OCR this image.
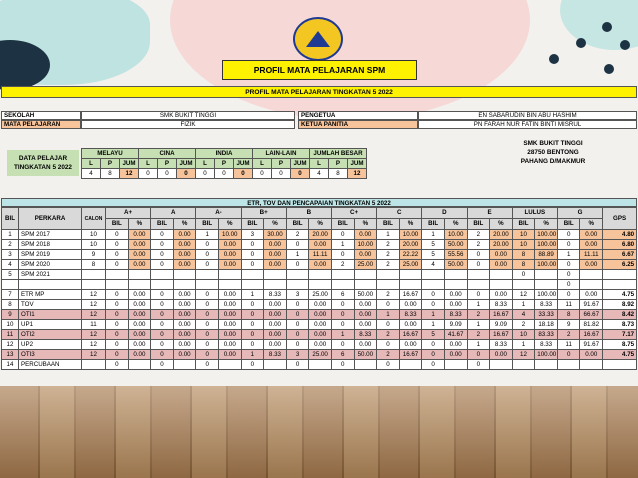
PROFIL MATA PELAJARAN SPM
PROFIL MATA PELAJARAN TINGKATAN 5 2022
SEKOLAH	SMK BUKIT TINGGI
MATA PELAJARAN	FIZIK
PENGETUA	EN SABARUDIN BIN ABU HASHIM
KETUA PANITIA	PN FARAH NUR FATIN BINTI MISRUL
DATA PELAJAR TINGKATAN 5 2022
MELAYU			CINA			INDIA			LAIN-LAIN			JUMLAH BESAR		
L	P	JUM	L	P	JUM	L	P	JUM	L	P	JUM	L	P	JUM
4	8	12	0	0	0	0	0	0	0	0	0	4	8	12
SMK BUKIT TINGGI
28750 BENTONG
PAHANG D/MAKMUR
ETR, TOV DAN PENCAPAIAN TINGKATAN 5 2022
BIL	PERKARA	CALON	A+		A		A-		B+		B		C+		C		D		E		LULUS		G		GPS
			BIL	%	BIL	%	BIL	%	BIL	%	BIL	%	BIL	%	BIL	%	BIL	%	BIL	%	BIL	%	BIL	%	
1	SPM 2017	10	0	0.00	0	0.00	1	10.00	3	30.00	2	20.00	0	0.00	1	10.00	1	10.00	2	20.00	10	100.00	0	0.00	4.80
2	SPM 2018	10	0	0.00	0	0.00	0	0.00	0	0.00	0	0.00	1	10.00	2	20.00	5	50.00	2	20.00	10	100.00	0	0.00	6.80
3	SPM 2019	9	0	0.00	0	0.00	0	0.00	0	0.00	1	11.11	0	0.00	2	22.22	5	55.56	0	0.00	8	88.89	1	11.11	6.67
4	SPM 2020	8	0	0.00	0	0.00	0	0.00	0	0.00	0	0.00	2	25.00	2	25.00	4	50.00	0	0.00	8	100.00	0	0.00	6.25
5	SPM 2021																				0		0		
																							0		
7	ETR MP	12	0	0.00	0	0.00	0	0.00	1	8.33	3	25.00	6	50.00	2	16.67	0	0.00	0	0.00	12	100.00	0	0.00	4.75
8	TOV	12	0	0.00	0	0.00	0	0.00	0	0.00	0	0.00	0	0.00	0	0.00	0	0.00	1	8.33	1	8.33	11	91.67	8.92
9	OTI1	12	0	0.00	0	0.00	0	0.00	0	0.00	0	0.00	0	0.00	1	8.33	1	8.33	2	16.67	4	33.33	8	66.67	8.42
10	UP1	11	0	0.00	0	0.00	0	0.00	0	0.00	0	0.00	0	0.00	0	0.00	1	9.09	1	9.09	2	18.18	9	81.82	8.73
11	OTI2	12	0	0.00	0	0.00	0	0.00	0	0.00	0	0.00	1	8.33	2	16.67	5	41.67	2	16.67	10	83.33	2	16.67	7.17
12	UP2	12	0	0.00	0	0.00	0	0.00	0	0.00	0	0.00	0	0.00	0	0.00	0	0.00	1	8.33	1	8.33	11	91.67	8.75
13	OTI3	12	0	0.00	0	0.00	0	0.00	1	8.33	3	25.00	6	50.00	2	16.67	0	0.00	0	0.00	12	100.00	0	0.00	4.75
14	PERCUBAAN		0		0		0		0		0		0		0		0		0						
